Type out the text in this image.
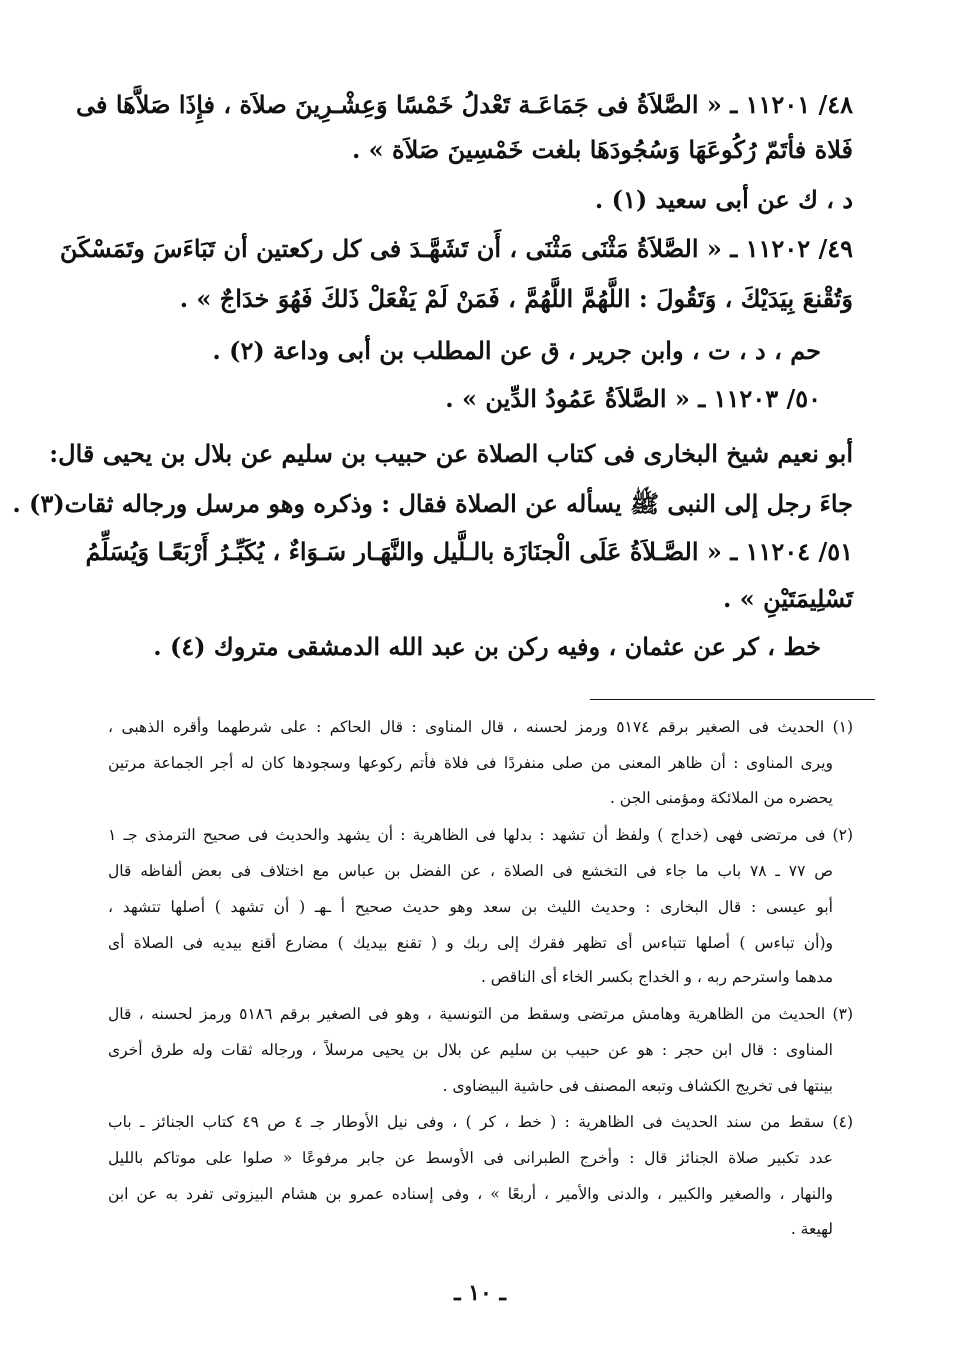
٤٨/ ١١٢٠١ ـ « الصَّلاَةُ فى جَمَاعَـة تَعْدلُ خَمْسًا وَعِشْـرِينَ صلاَة ، فإِذَا صَلاَّهَا فى
فَلاة فأتَمّ رُكُوعَهَا وَسُجُودَهَا بلغت خَمْسِينَ صَلاَة » .
د ، ك عن أبى سعيد (١) .
٤٩/ ١١٢٠٢ ـ « الصَّلاَةُ مَثْنَى مَثْنَى ، أَن تَشَهَّـدَ فى كل ركعتين أن تَبَاءَسَ وتَمَسْكَنَ
وَتُقْنعَ بِيَدَيْكَ ، وَتَقُولَ : اللَّهُمَّ اللَّهُمَّ ، فَمَنْ لَمْ يَفْعَلْ ذَلكَ فَهُوَ خدَاجٌ » .
حم ، د ، ت ، وابن جرير ، ق عن المطلب بن أبى وداعة (٢) .
٥٠/ ١١٢٠٣ ـ « الصَّلاَةُ عَمُودُ الدِّين » .
أبو نعيم شيخ البخارى فى كتاب الصلاة عن حبيب بن سليم عن بلال بن يحيى قال:
جاءَ رجل إلى النبى ﷺ يسأله عن الصلاة فقال : وذكره وهو مرسل ورجاله ثقات(٣) .
٥١/ ١١٢٠٤ ـ « الصَّـلاَةُ عَلَى الْجنَازَة بالـلَّيل والنَّهَـار سَـوَاءٌ ، يُكَبِّـرُ أَرْبَعًـا وَيُسَلِّمُ
تَسْلِيمَتَيْنِ » .
خط ، كر عن عثمان ، وفيه ركن بن عبد الله الدمشقى متروك (٤) .
(١) الحديث فى الصغير برقم ٥١٧٤ ورمز لحسنه ، قال المناوى : قال الحاكم : على شرطهما وأقره الذهبى ،
ويرى المناوى : أن ظاهر المعنى من صلى منفردًا فى فلاة فأتم ركوعها وسجودها كان له أجر الجماعة مرتين
يحضره من الملائكة ومؤمنى الجن .
(٢) فى مرتضى فهى (خداج ) ولفظ أن تشهد : بدلها فى الظاهرية : أن يشهد والحديث فى صحيح الترمذى جـ ١
ص ٧٧ ـ ٧٨ باب ما جاء فى التخشع فى الصلاة ، عن الفضل بن عباس مع اختلاف فى بعض ألفاظه قال
أبو عيسى : قال البخارى : وحديث الليث بن سعد وهو حديث صحيح أ ـهـ ( أن تشهد ) أصلها تتشهد ،
و(أن تباءس ) أصلها تتباءس أى تظهر فقرك إلى ربك و ( تقنع بيديك ) مضارع أقنع بيديه فى الصلاة أى
مدهما واسترحم ربه ، و الخداج بكسر الخاء أى الناقص .
(٣) الحديث من الظاهرية وهامش مرتضى وسقط من التونسية ، وهو فى الصغير برقم ٥١٨٦ ورمز لحسنه ، قال
المناوى : قال ابن حجر : هو عن حبيب بن سليم عن بلال بن يحيى مرسلاً ، ورجاله ثقات وله طرق أخرى
بينتها فى تخريج الكشاف وتبعه المصنف فى حاشية البيضاوى .
(٤) سقط من سند الحديث فى الظاهرية : ( خط ، كر ) ، وفى نيل الأوطار جـ ٤ ص ٤٩ كتاب الجنائز ـ باب
عدد تكبير صلاة الجنائز قال : وأخرج الطبرانى فى الأوسط عن جابر مرفوعًا « صلوا على موتاكم بالليل
والنهار ، والصغير والكبير ، والدنى والأمير ، أربعًا » ، وفى إسناده عمرو بن هشام البيزوتى تفرد به عن ابن
لهيعة .
ـ ١٠ ـ
